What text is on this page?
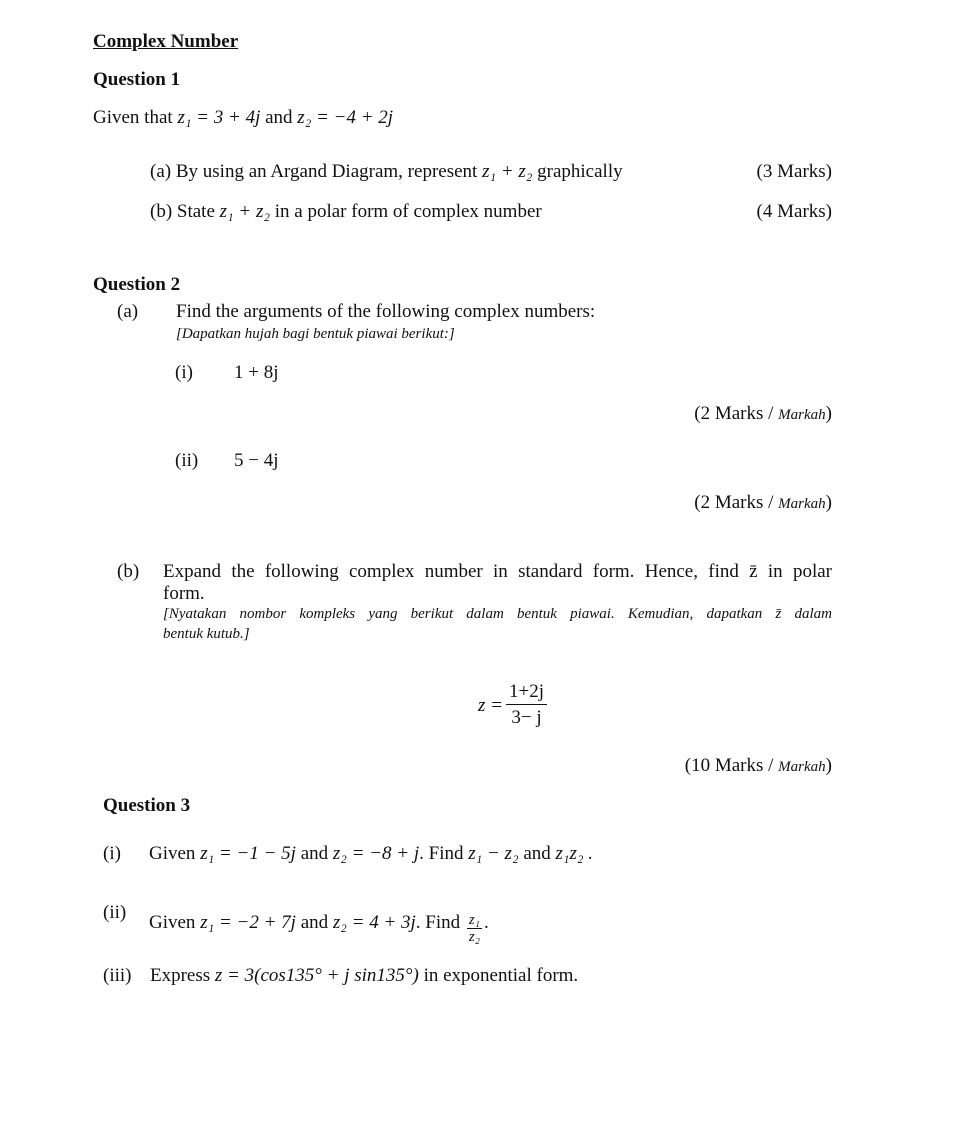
Complex Number
Question 1
Given that z₁ = 3 + 4j and z₂ = −4 + 2j
(a) By using an Argand Diagram, represent z₁ + z₂ graphically	(3 Marks)
(b) State z₁ + z₂ in a polar form of complex number	(4 Marks)
Question 2
(a) Find the arguments of the following complex numbers:
[Dapatkan hujah bagi bentuk piawai berikut:]
(i) 1 + 8j
(2 Marks / Markah)
(ii) 5 − 4j
(2 Marks / Markah)
(b) Expand the following complex number in standard form. Hence, find z̄ in polar
form.
[Nyatakan nombor kompleks yang berikut dalam bentuk piawai. Kemudian, dapatkan z̄ dalam
bentuk kutub.]
$z = \frac{1+2j}{3- j}$
(10 Marks / Markah)
Question 3
(i) Given z₁ = −1 − 5j and z₂ = −8 + j. Find z₁ − z₂ and z₁z₂ .
(ii) Given z₁ = −2 + 7j and z₂ = 4 + 3j. Find $\frac{\text{z₁}}{\text{z₂}}$ .
(iii) Express z = 3(cos135° + j sin135°) in exponential form.
